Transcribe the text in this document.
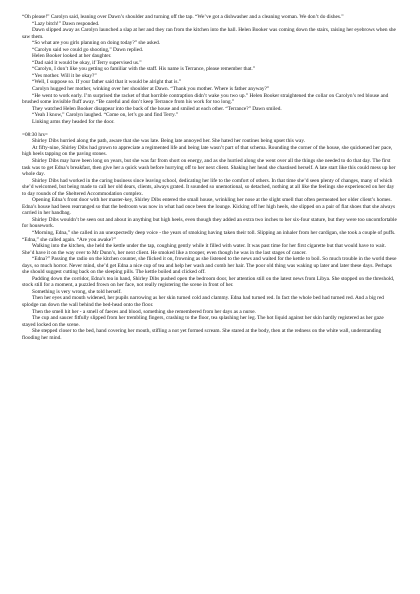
“Oh please!” Carolyn said, leaning over Dawn’s shoulder and turning off the tap. “We’ve got a dishwasher and a cleaning woman. We don’t do dishes.”

“Lazy bitch!” Dawn responded.

Dawn slipped away as Carolyn launched a slap at her and they ran from the kitchen into the hall. Helen Booker was coming down the stairs, raising her eyebrows when she saw them.

“So what are you girls planning on doing today?” she asked.

“Carolyn said we could go shooting,” Dawn replied.

Helen Booker looked at her daughter.

“Dad said it would be okay, if Terry supervised us.”

“Carolyn, I don’t like you getting so familiar with the staff. His name is Terrance, please remember that.”

“Yes mother. Will it be okay?”

“Well, I suppose so. If your father said that it would be alright that is.”

Carolyn hugged her mother, winking over her shoulder at Dawn. “Thank you mother. Where is father anyway?”

“He went to work early. I’m surprised the racket of that horrible contraption didn’t wake you two up.” Helen Booker straightened the collar on Carolyn’s red blouse and brushed some invisible fluff away. “Be careful and don’t keep Terrance from his work for too long.”

They watched Helen Booker disappear into the back of the house and smiled at each other. “Terrance?” Dawn smiled.

“Yeah I know,” Carolyn laughed. “Come on, let’s go and find Terry.”

Linking arms they headed for the door.

=08:30 hrs=

Shirley Dibs hurried along the path, aware that she was late. Being late annoyed her. She hated her routines being upset this way.

At fifty-nine, Shirley Dibs had grown to appreciate a regimented life and being late wasn’t part of that schema. Rounding the corner of the house, she quickened her pace, high heels tapping on the paving stones.

Shirley Dibs may have been long on years, but she was far from short on energy, and as she hurried along she went over all the things she needed to do that day. The first task was to get Edna’s breakfast, then give her a quick wash before hurrying off to her next client. Shaking her head she chastised herself. A late start like this could mess up her whole day.

Shirley Dibs had worked in the caring business since leaving school, dedicating her life to the comfort of others. In that time she’d seen plenty of changes, many of which she’d welcomed, but being made to call her old dears, clients, always grated. It sounded so unemotional, so detached, nothing at all like the feelings she experienced on her day to day rounds of the Sheltered Accommodation complex.

Opening Edna’s front door with her master-key, Shirley Dibs entered the small house, wrinkling her nose at the slight smell that often permeated her older client’s homes. Edna’s house had been rearranged so that the bedroom was now in what had once been the lounge. Kicking off her high heels, she slipped on a pair of flat shoes that she always carried in her handbag.

Shirley Dibs wouldn’t be seen out and about in anything but high heels, even though they added an extra two inches to her six-four stature, but they were too uncomfortable for housework.

“Morning, Edna,” she called in an unexpectedly deep voice - the years of smoking having taken their toll. Slipping an inhaler from her cardigan, she took a couple of puffs. “Edna,” she called again. “Are you awake?”

Walking into the kitchen, she held the kettle under the tap, coughing gently while it filled with water. It was past time for her first cigarette but that would have to wait. She’d have it on the way over to Mr Dunn’s, her next client. He smoked like a trooper, even though he was in the last stages of cancer.

“Edna?” Passing the radio on the kitchen counter, she flicked it on, frowning as she listened to the news and waited for the kettle to boil. So much trouble in the world these days, so much horror. Never mind, she’d get Edna a nice cup of tea and help her wash and comb her hair. The poor old thing was waking up later and later these days. Perhaps she should suggest cutting back on the sleeping pills. The kettle boiled and clicked off.

Padding down the corridor, Edna’s tea in hand, Shirley Dibs pushed open the bedroom door, her attention still on the latest news from Libya. She stopped on the threshold, stock still for a moment, a puzzled frown on her face, not really registering the scene in front of her.

Something is very wrong, she told herself.

Then her eyes and mouth widened, her pupils narrowing as her skin turned cold and clammy. Edna had turned red. In fact the whole bed had turned red. And a big red splodge ran down the wall behind the bed-head onto the floor.

Then the smell hit her - a smell of faeces and blood, something she remembered from her days as a nurse.

The cup and saucer fitfully slipped from her trembling fingers, crashing to the floor, tea splashing her leg. The hot liquid against her skin hardly registered as her gaze stayed locked on the scene.

She stepped closer to the bed, hand covering her mouth, stifling a not yet formed scream. She stared at the body, then at the redness on the white wall, understanding flooding her mind.
